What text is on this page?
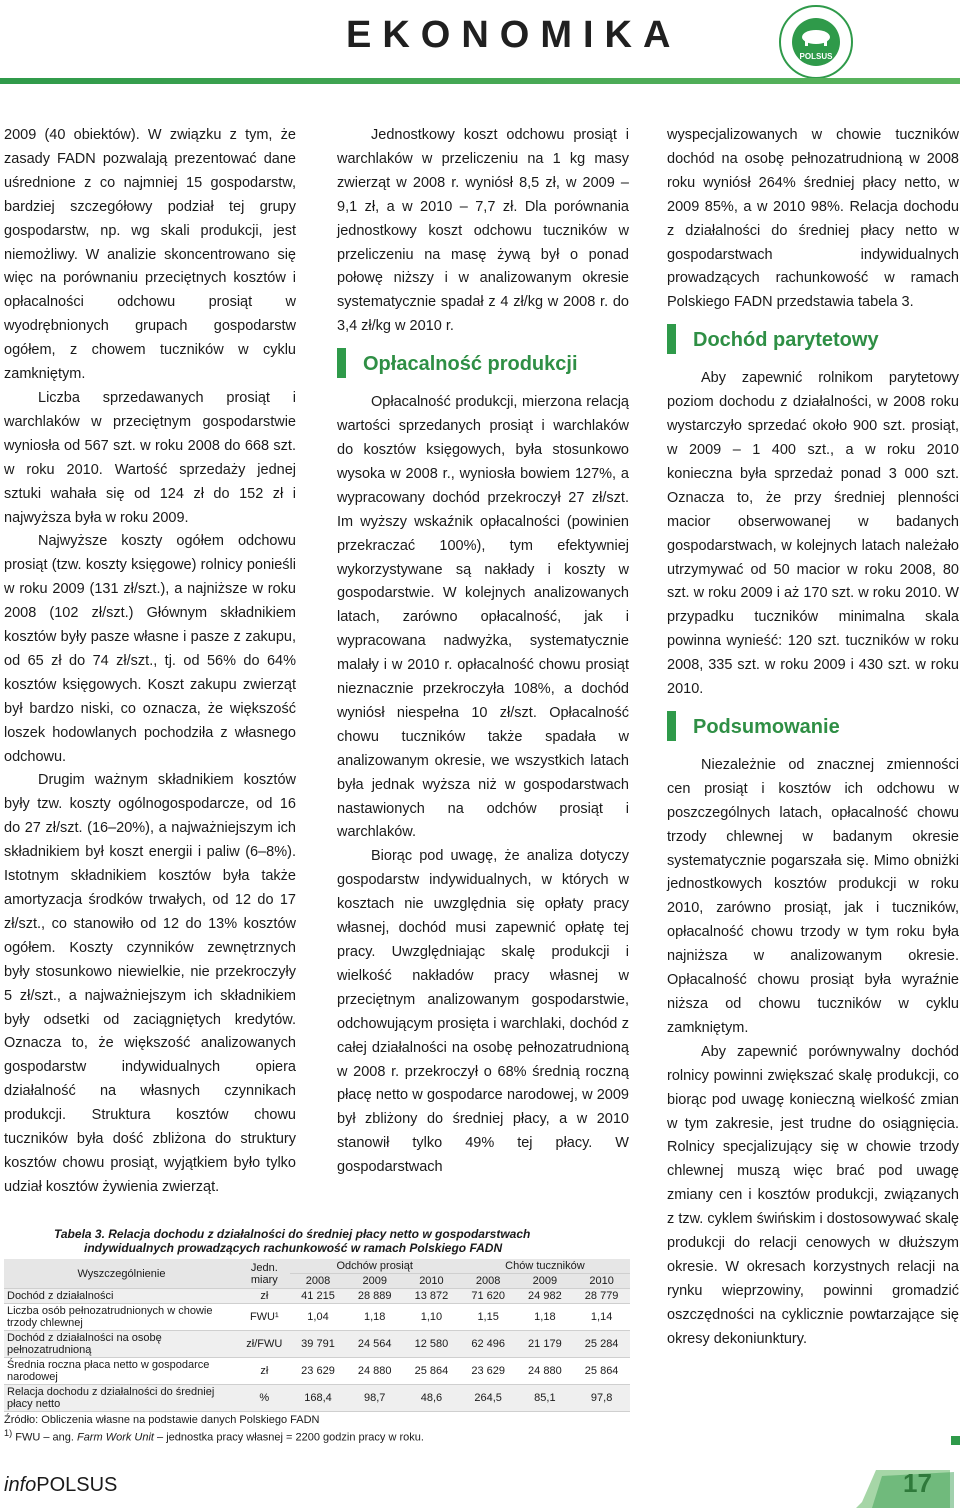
EKONOMIKA
POLSUS

2009 (40 obiektów). W związku z tym, że zasady FADN pozwalają prezentować dane uśrednione z co najmniej 15 gospodarstw, bardziej szczegółowy podział tej grupy gospodarstw, np. wg skali produkcji, jest niemożliwy. W analizie skoncentrowano się więc na porównaniu przeciętnych kosztów i opłacalności odchowu prosiąt w wyodrębnionych grupach gospodarstw ogółem, z chowem tuczników w cyklu zamkniętym.

Liczba sprzedawanych prosiąt i warchlaków w przeciętnym gospodarstwie wyniosła od 567 szt. w roku 2008 do 668 szt. w roku 2010. Wartość sprzedaży jednej sztuki wahała się od 124 zł do 152 zł i najwyższa była w roku 2009.

Najwyższe koszty ogółem odchowu prosiąt (tzw. koszty księgowe) rolnicy ponieśli w roku 2009 (131 zł/szt.), a najniższe w roku 2008 (102 zł/szt.) Głównym składnikiem kosztów były pasze własne i pasze z zakupu, od 65 zł do 74 zł/szt., tj. od 56% do 64% kosztów księgowych. Koszt zakupu zwierząt był bardzo niski, co oznacza, że większość loszek hodowlanych pochodziła z własnego odchowu.

Drugim ważnym składnikiem kosztów były tzw. koszty ogólnogospodarcze, od 16 do 27 zł/szt. (16–20%), a najważniejszym ich składnikiem był koszt energii i paliw (6–8%). Istotnym składnikiem kosztów była także amortyzacja środków trwałych, od 12 do 17 zł/szt., co stanowiło od 12 do 13% kosztów ogółem. Koszty czynników zewnętrznych były stosunkowo niewielkie, nie przekroczyły 5 zł/szt., a najważniejszym ich składnikiem były odsetki od zaciągniętych kredytów. Oznacza to, że większość analizowanych gospodarstw indywidualnych opiera działalność na własnych czynnikach produkcji. Struktura kosztów chowu tuczników była dość zbliżona do struktury kosztów chowu prosiąt, wyjątkiem było tylko udział kosztów żywienia zwierząt.

Jednostkowy koszt odchowu prosiąt i warchlaków w przeliczeniu na 1 kg masy zwierząt w 2008 r. wyniósł 8,5 zł, w 2009 – 9,1 zł, a w 2010 – 7,7 zł. Dla porównania jednostkowy koszt odchowu tuczników w przeliczeniu na masę żywą był o ponad połowę niższy i w analizowanym okresie systematycznie spadał z 4 zł/kg w 2008 r. do 3,4 zł/kg w 2010 r.

Opłacalność produkcji

Opłacalność produkcji, mierzona relacją wartości sprzedanych prosiąt i warchlaków do kosztów księgowych, była stosunkowo wysoka w 2008 r., wyniosła bowiem 127%, a wypracowany dochód przekroczył 27 zł/szt. Im wyższy wskaźnik opłacalności (powinien przekraczać 100%), tym efektywniej wykorzystywane są nakłady i koszty w gospodarstwie. W kolejnych analizowanych latach, zarówno opłacalność, jak i wypracowana nadwyżka, systematycznie malały i w 2010 r. opłacalność chowu prosiąt nieznacznie przekroczyła 108%, a dochód wyniósł niespełna 10 zł/szt. Opłacalność chowu tuczników także spadała w analizowanym okresie, we wszystkich latach była jednak wyższa niż w gospodarstwach nastawionych na odchów prosiąt i warchlaków.

Biorąc pod uwagę, że analiza dotyczy gospodarstw indywidualnych, w których w kosztach nie uwzględnia się opłaty pracy własnej, dochód musi zapewnić opłatę tej pracy. Uwzględniając skalę produkcji i wielkość nakładów pracy własnej w przeciętnym analizowanym gospodarstwie, odchowującym prosięta i warchlaki, dochód z całej działalności na osobę pełnozatrudnioną w 2008 r. przekroczył o 68% średnią roczną płacę netto w gospodarce narodowej, w 2009 był zbliżony do średniej płacy, a w 2010 stanowił tylko 49% tej płacy. W gospodarstwach

wyspecjalizowanych w chowie tuczników dochód na osobę pełnozatrudnioną w 2008 roku wyniósł 264% średniej płacy netto, w 2009 85%, a w 2010 98%. Relacja dochodu z działalności do średniej płacy netto w gospodarstwach indywidualnych prowadzących rachunkowość w ramach Polskiego FADN przedstawia tabela 3.

Dochód parytetowy

Aby zapewnić rolnikom parytetowy poziom dochodu z działalności, w 2008 roku wystarczyło sprzedać około 900 szt. prosiąt, w 2009 – 1 400 szt., a w roku 2010 konieczna była sprzedaż ponad 3 000 szt. Oznacza to, że przy średniej plenności macior obserwowanej w badanych gospodarstwach, w kolejnych latach należało utrzymywać od 50 macior w roku 2008, 80 szt. w roku 2009 i aż 170 szt. w roku 2010. W przypadku tuczników minimalna skala powinna wynieść: 120 szt. tuczników w roku 2008, 335 szt. w roku 2009 i 430 szt. w roku 2010.

Podsumowanie

Niezależnie od znacznej zmienności cen prosiąt i kosztów ich odchowu w poszczególnych latach, opłacalność chowu trzody chlewnej w badanym okresie systematycznie pogarszała się. Mimo obniżki jednostkowych kosztów produkcji w roku 2010, zarówno prosiąt, jak i tuczników, opłacalność chowu trzody w tym roku była najniższa w analizowanym okresie. Opłacalność chowu prosiąt była wyraźnie niższa od chowu tuczników w cyklu zamkniętym.

Aby zapewnić porównywalny dochód rolnicy powinni zwiększać skalę produkcji, co biorąc pod uwagę konieczną wielkość zmian w tym zakresie, jest trudne do osiągnięcia. Rolnicy specjalizujący się w chowie trzody chlewnej muszą więc brać pod uwagę zmiany cen i kosztów produkcji, związanych z tzw. cyklem świńskim i dostosowywać skalę produkcji do relacji cenowych w dłuższym okresie. W okresach korzystnych relacji na rynku wieprzowiny, powinni gromadzić oszczędności na cyklicznie powtarzające się okresy dekoniunktury.

Tabela 3. Relacja dochodu z działalności do średniej płacy netto w gospodarstwach
indywidualnych prowadzących rachunkowość w ramach Polskiego FADN
Wyszczególnienie	Jedn. miary	Odchów prosiąt			Chów tuczników		
		2008	2009	2010	2008	2009	2010
Dochód z działalności	zł	41 215	28 889	13 872	71 620	24 982	28 779
Liczba osób pełnozatrudnionych w chowie trzody chlewnej	FWU¹	1,04	1,18	1,10	1,15	1,18	1,14
Dochód z działalności na osobę pełnozatrudnioną	zł/FWU	39 791	24 564	12 580	62 496	21 179	25 284
Średnia roczna płaca netto w gospodarce narodowej	zł	23 629	24 880	25 864	23 629	24 880	25 864
Relacja dochodu z działalności do średniej płacy netto	%	168,4	98,7	48,6	264,5	85,1	97,8
Źródło: Obliczenia własne na podstawie danych Polskiego FADN
$^{1)}$ FWU – ang. Farm Work Unit – jednostka pracy własnej = 2200 godzin pracy w roku.
infoPOLSUS	17
